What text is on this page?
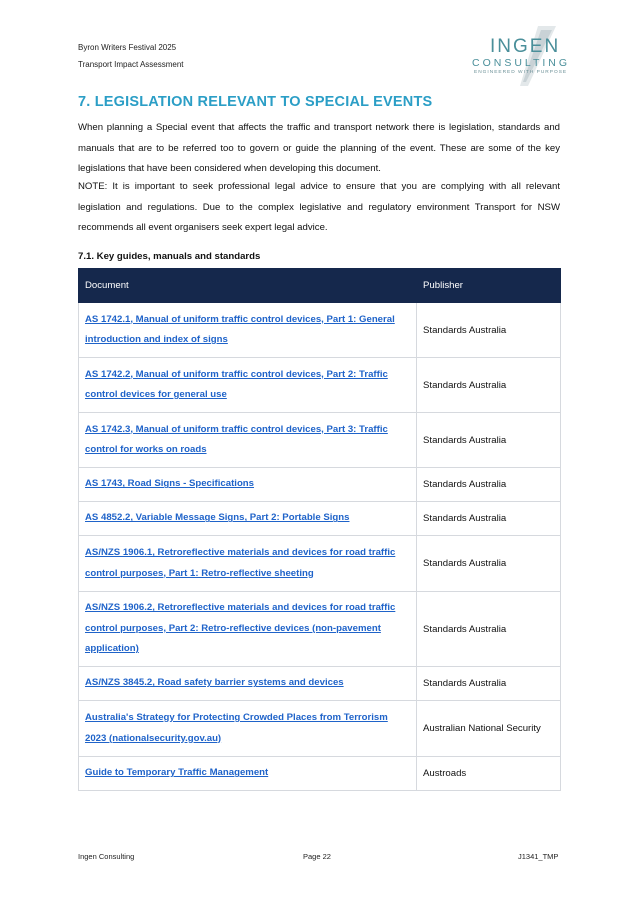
Byron Writers Festival 2025
Transport Impact Assessment
INGEN
CONSULTING
ENGINEERED WITH PURPOSE
7. LEGISLATION RELEVANT TO SPECIAL EVENTS

When planning a Special event that affects the traffic and transport network there is legislation, standards and manuals that are to be referred too to govern or guide the planning of the event. These are some of the key legislations that have been considered when developing this document.

NOTE: It is important to seek professional legal advice to ensure that you are complying with all relevant legislation and regulations. Due to the complex legislative and regulatory environment Transport for NSW recommends all event organisers seek expert legal advice.

7.1. Key guides, manuals and standards
Document	Publisher
AS 1742.1, Manual of uniform traffic control devices, Part 1: General introduction and index of signs	Standards Australia
AS 1742.2, Manual of uniform traffic control devices, Part 2: Traffic control devices for general use	Standards Australia
AS 1742.3, Manual of uniform traffic control devices, Part 3: Traffic control for works on roads	Standards Australia
AS 1743, Road Signs - Specifications	Standards Australia
AS 4852.2, Variable Message Signs, Part 2: Portable Signs	Standards Australia
AS/NZS 1906.1, Retroreflective materials and devices for road traffic control purposes, Part 1: Retro-reflective sheeting	Standards Australia
AS/NZS 1906.2, Retroreflective materials and devices for road traffic control purposes, Part 2: Retro-reflective devices (non-pavement application)	Standards Australia
AS/NZS 3845.2, Road safety barrier systems and devices	Standards Australia
Australia's Strategy for Protecting Crowded Places from Terrorism 2023 (nationalsecurity.gov.au)	Australian National Security
Guide to Temporary Traffic Management	Austroads
Ingen Consulting	Page 22	J1341_TMP
